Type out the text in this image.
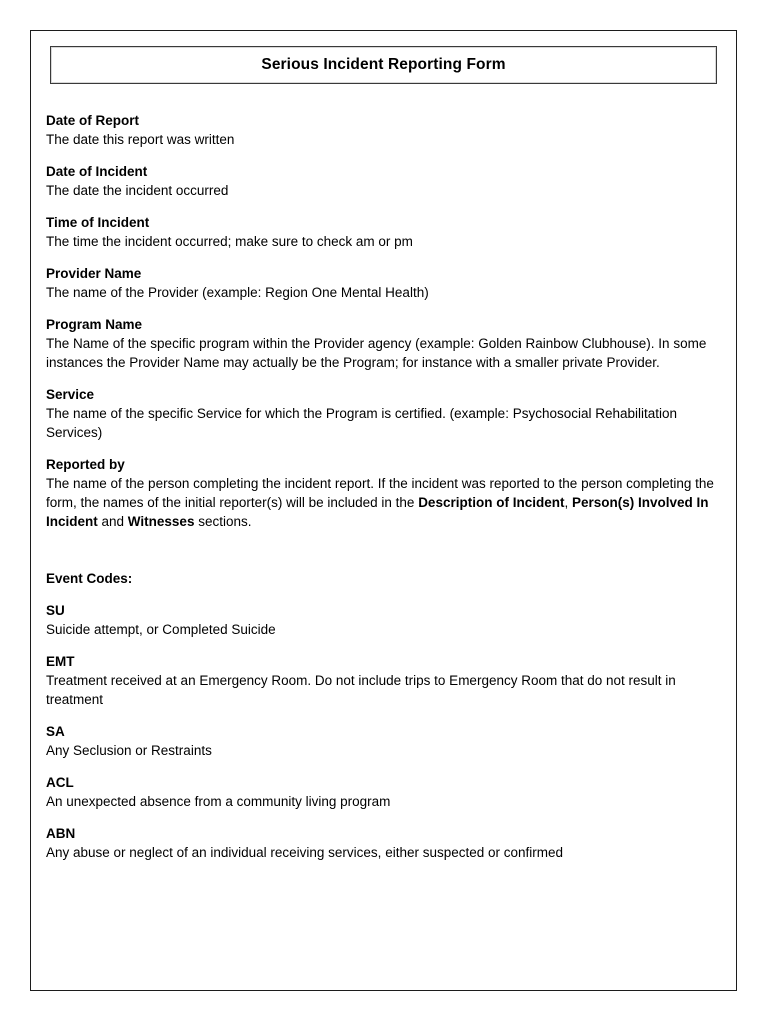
Serious Incident Reporting Form
Date of Report

The date this report was written

Date of Incident

The date the incident occurred

Time of Incident

The time the incident occurred; make sure to check am or pm

Provider Name

The name of the Provider (example: Region One Mental Health)

Program Name

The Name of the specific program within the Provider agency (example: Golden Rainbow Clubhouse). In some instances the Provider Name may actually be the Program; for instance with a smaller private Provider.

Service

The name of the specific Service for which the Program is certified. (example: Psychosocial Rehabilitation Services)

Reported by

The name of the person completing the incident report. If the incident was reported to the person completing the form, the names of the initial reporter(s) will be included in the Description of Incident, Person(s) Involved In Incident and Witnesses sections.

Event Codes:
SU

Suicide attempt, or Completed Suicide

EMT

Treatment received at an Emergency Room. Do not include trips to Emergency Room that do not result in treatment

SA

Any Seclusion or Restraints

ACL

An unexpected absence from a community living program

ABN

Any abuse or neglect of an individual receiving services, either suspected or confirmed
